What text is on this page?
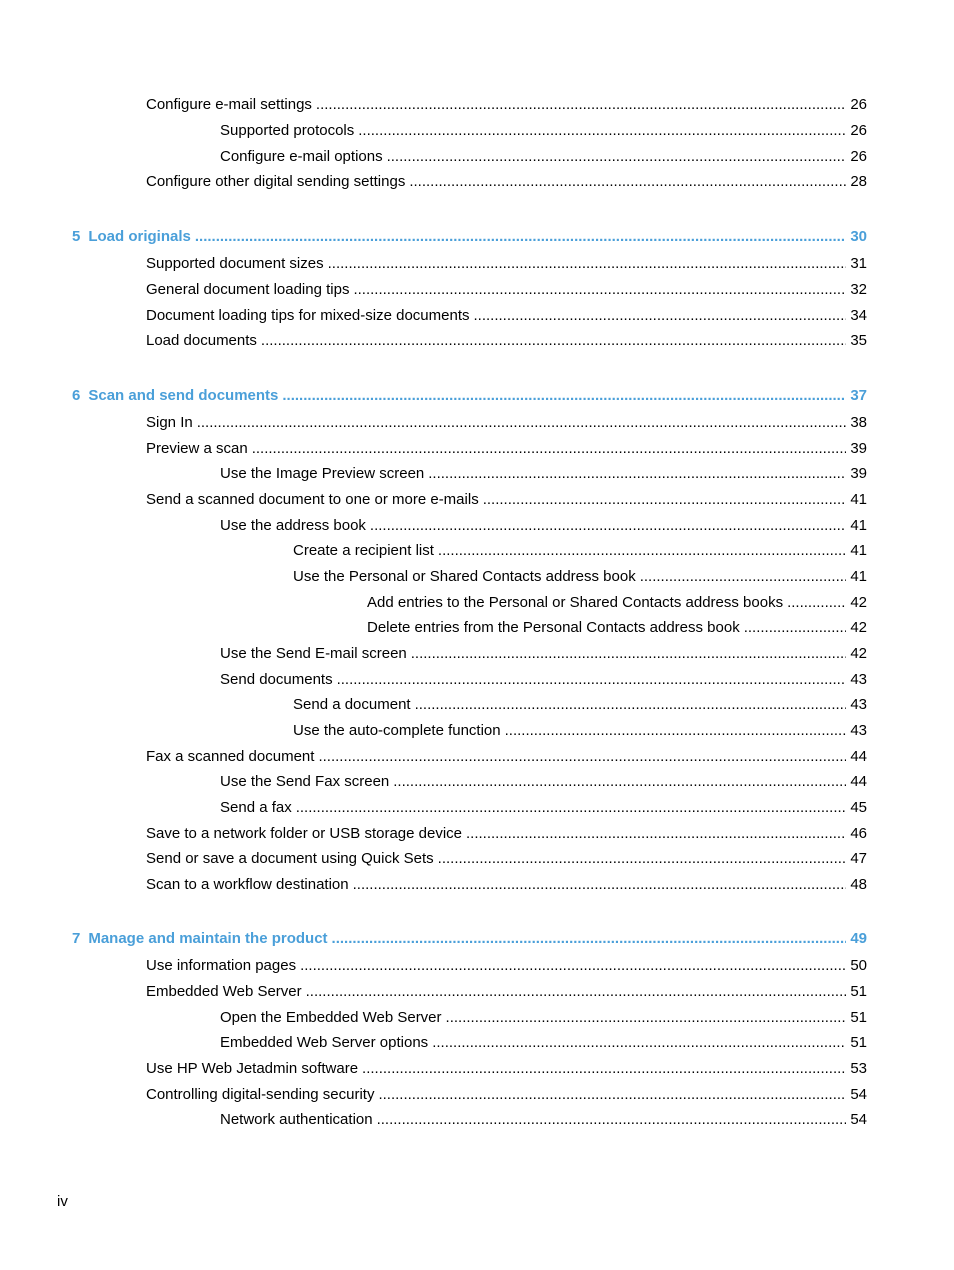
Configure e-mail settings .....	26
Supported protocols .....	26
Configure e-mail options .....	26
Configure other digital sending settings .....	28
5 Load originals .....	30
Supported document sizes .....	31
General document loading tips .....	32
Document loading tips for mixed-size documents .....	34
Load documents .....	35
6 Scan and send documents .....	37
Sign In .....	38
Preview a scan .....	39
Use the Image Preview screen .....	39
Send a scanned document to one or more e-mails .....	41
Use the address book .....	41
Create a recipient list .....	41
Use the Personal or Shared Contacts address book .....	41
Add entries to the Personal or Shared Contacts address books .....	42
Delete entries from the Personal Contacts address book .....	42
Use the Send E-mail screen .....	42
Send documents .....	43
Send a document .....	43
Use the auto-complete function .....	43
Fax a scanned document .....	44
Use the Send Fax screen .....	44
Send a fax .....	45
Save to a network folder or USB storage device .....	46
Send or save a document using Quick Sets .....	47
Scan to a workflow destination .....	48
7 Manage and maintain the product .....	49
Use information pages .....	50
Embedded Web Server .....	51
Open the Embedded Web Server .....	51
Embedded Web Server options .....	51
Use HP Web Jetadmin software .....	53
Controlling digital-sending security .....	54
Network authentication .....	54
iv
